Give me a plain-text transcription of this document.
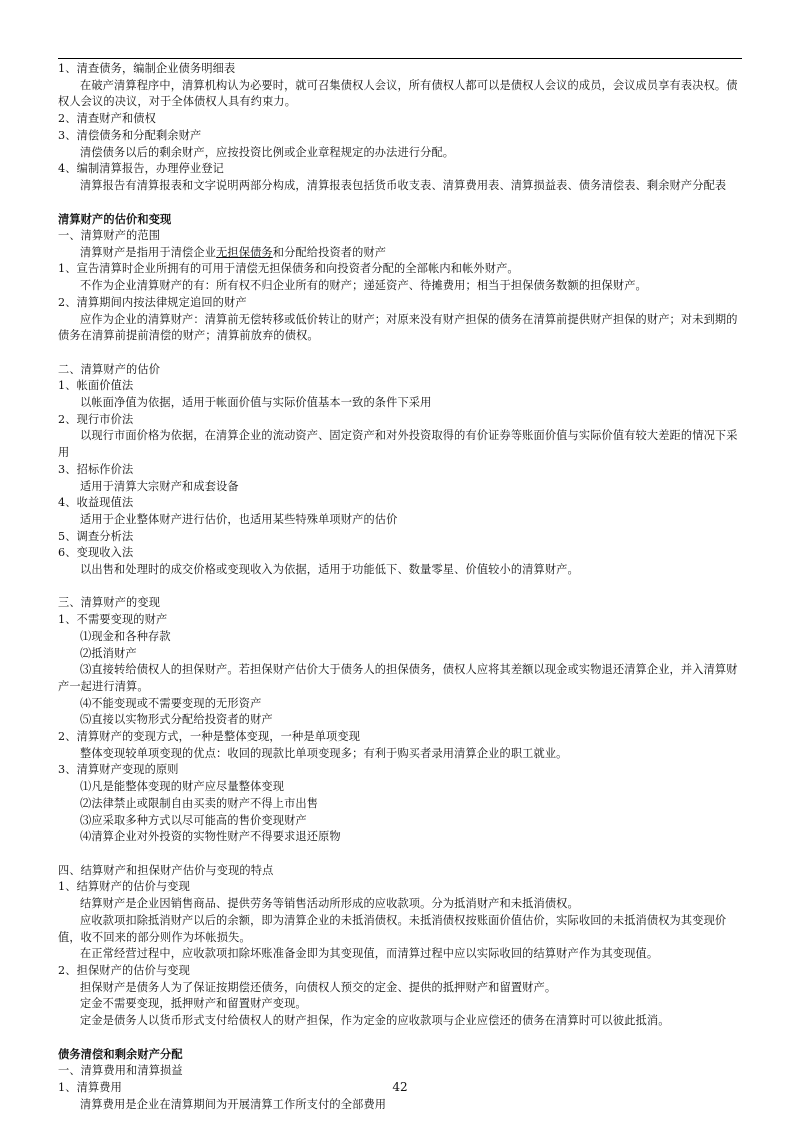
1、清查债务，编制企业债务明细表

在破产清算程序中，清算机构认为必要时，就可召集债权人会议，所有债权人都可以是债权人会议的成员，会议成员享有表决权。债权人会议的决议，对于全体债权人具有约束力。

2、清查财产和债权

3、清偿债务和分配剩余财产

清偿债务以后的剩余财产，应按投资比例或企业章程规定的办法进行分配。

4、编制清算报告，办理停业登记

清算报告有清算报表和文字说明两部分构成，清算报表包括货币收支表、清算费用表、清算损益表、债务清偿表、剩余财产分配表

清算财产的估价和变现

一、清算财产的范围

清算财产是指用于清偿企业无担保债务和分配给投资者的财产

1、宣告清算时企业所拥有的可用于清偿无担保债务和向投资者分配的全部帐内和帐外财产。

不作为企业清算财产的有：所有权不归企业所有的财产；递延资产、待摊费用；相当于担保债务数额的担保财产。

2、清算期间内按法律规定追回的财产

应作为企业的清算财产：清算前无偿转移或低价转让的财产；对原来没有财产担保的债务在清算前提供财产担保的财产；对未到期的债务在清算前提前清偿的财产；清算前放弃的债权。

二、清算财产的估价

1、帐面价值法

以帐面净值为依据，适用于帐面价值与实际价值基本一致的条件下采用

2、现行市价法

以现行市面价格为依据，在清算企业的流动资产、固定资产和对外投资取得的有价证券等账面价值与实际价值有较大差距的情况下采用

3、招标作价法

适用于清算大宗财产和成套设备

4、收益现值法

适用于企业整体财产进行估价，也适用某些特殊单项财产的估价

5、调查分析法

6、变现收入法

以出售和处理时的成交价格或变现收入为依据，适用于功能低下、数量零星、价值较小的清算财产。

三、清算财产的变现

1、不需要变现的财产

⑴现金和各种存款

⑵抵消财产

⑶直接转给债权人的担保财产。若担保财产估价大于债务人的担保债务，债权人应将其差额以现金或实物退还清算企业，并入清算财产一起进行清算。

⑷不能变现或不需要变现的无形资产

⑸直接以实物形式分配给投资者的财产

2、清算财产的变现方式，一种是整体变现，一种是单项变现

整体变现较单项变现的优点：收回的现款比单项变现多；有利于购买者录用清算企业的职工就业。

3、清算财产变现的原则

⑴凡是能整体变现的财产应尽量整体变现

⑵法律禁止或限制自由买卖的财产不得上市出售

⑶应采取多种方式以尽可能高的售价变现财产

⑷清算企业对外投资的实物性财产不得要求退还原物

四、结算财产和担保财产估价与变现的特点

1、结算财产的估价与变现

结算财产是企业因销售商品、提供劳务等销售活动所形成的应收款项。分为抵消财产和未抵消债权。

应收款项扣除抵消财产以后的余额，即为清算企业的未抵消债权。未抵消债权按账面价值估价，实际收回的未抵消债权为其变现价值，收不回来的部分则作为坏帐损失。

在正常经营过程中，应收款项扣除坏账准备金即为其变现值，而清算过程中应以实际收回的结算财产作为其变现值。

2、担保财产的估价与变现

担保财产是债务人为了保证按期偿还债务，向债权人预交的定金、提供的抵押财产和留置财产。

定金不需要变现，抵押财产和留置财产变现。

定金是债务人以货币形式支付给债权人的财产担保，作为定金的应收款项与企业应偿还的债务在清算时可以彼此抵消。

债务清偿和剩余财产分配

一、清算费用和清算损益

1、清算费用

清算费用是企业在清算期间为开展清算工作所支付的全部费用

42
